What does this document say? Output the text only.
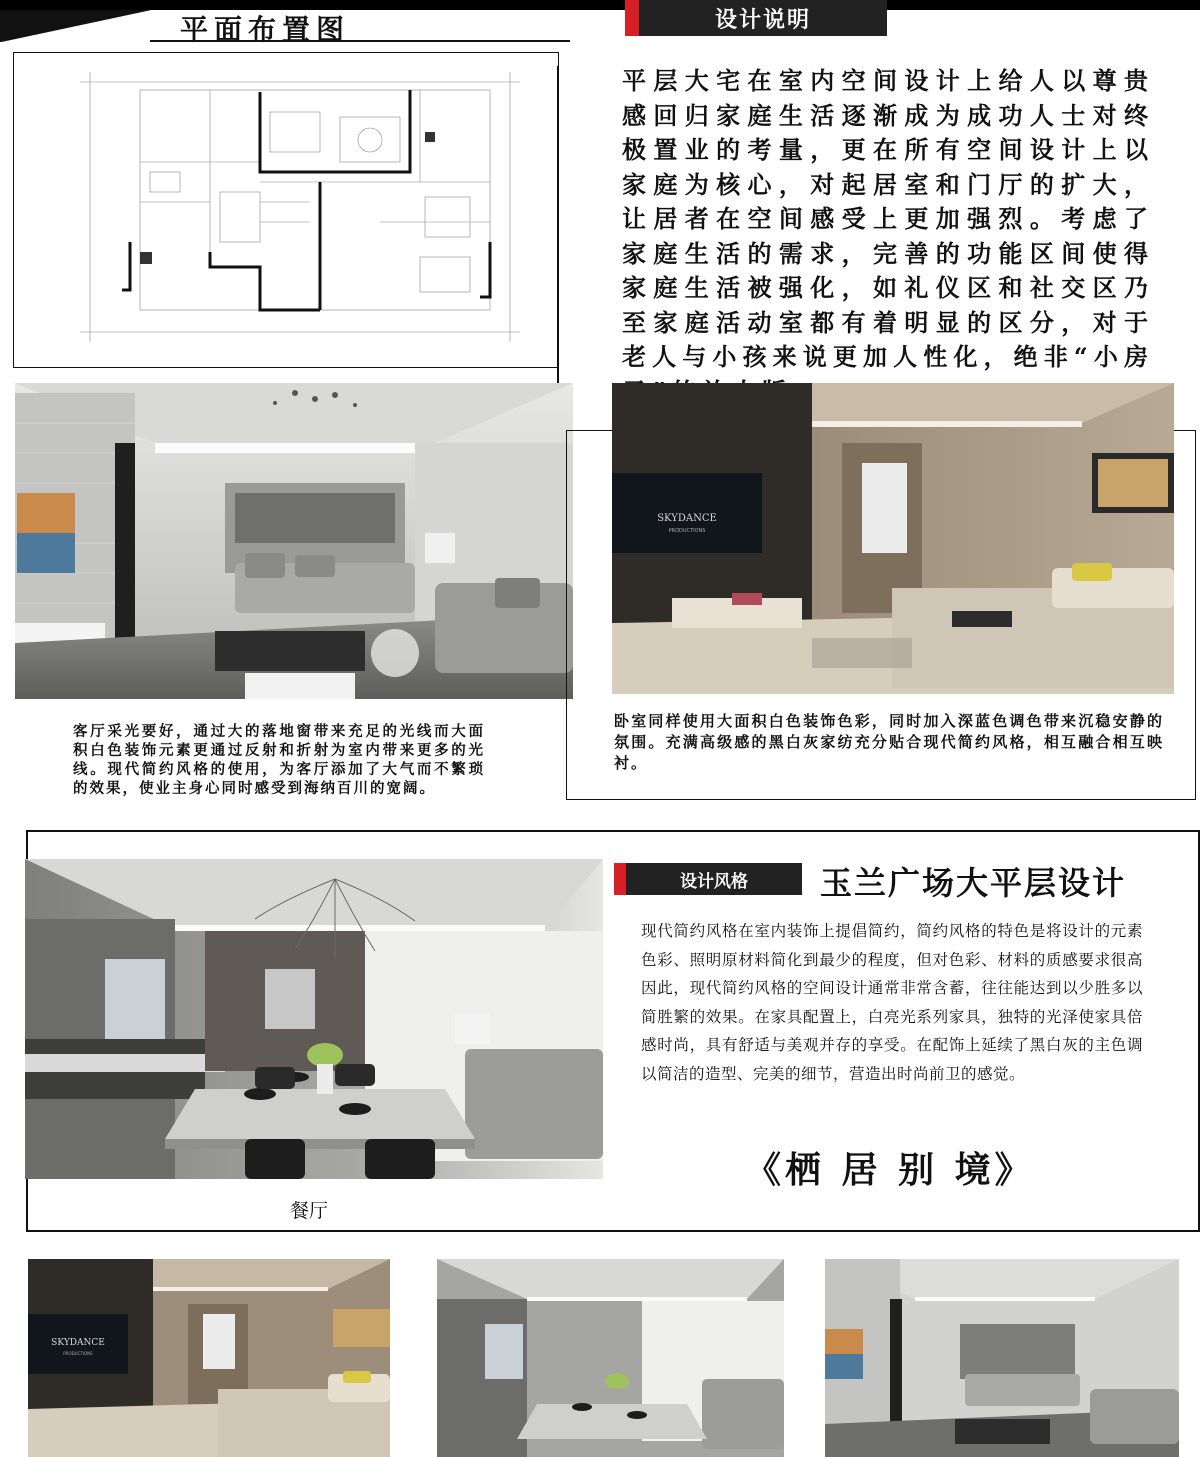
平面布置图	设计说明
平层大宅在室内空间设计上给人以尊贵感回归家庭生活逐渐成为成功人士对终极置业的考量，更在所有空间设计上以家庭为核心，对起居室和门厅的扩大，让居者在空间感受上更加强烈。考虑了家庭生活的需求，完善的功能区间使得家庭生活被强化，如礼仪区和社交区乃至家庭活动室都有着明显的区分，对于老人与小孩来说更加人性化，绝非“小房
客厅采光要好，通过大的落地窗带来充足的光线而大面积白色装饰元素更通过反射和折射为室内带来更多的光线。现代简约风格的使用，为客厅添加了大气而不繁琐的效果，使业主身心同时感受到海纳百川的宽阔。
SKYDANCE
PRODUCTIONS
卧室同样使用大面积白色装饰色彩，同时加入深蓝色调色带来沉稳安静的氛围。充满高级感的黑白灰家纺充分贴合现代简约风格，相互融合相互映衬。
餐厅
设计风格	玉兰广场大平层设计
现代简约风格在室内装饰上提倡简约，简约风格的特色是将设计的元素色彩、照明原材料简化到最少的程度，但对色彩、材料的质感要求很高因此，现代简约风格的空间设计通常非常含蓄，往往能达到以少胜多以简胜繁的效果。在家具配置上，白亮光系列家具，独特的光泽使家具倍感时尚，具有舒适与美观并存的享受。在配饰上延续了黑白灰的主色调以简洁的造型、完美的细节，营造出时尚前卫的感觉。
《栖 居 别 境》
SKYDANCE
PRODUCTIONS
